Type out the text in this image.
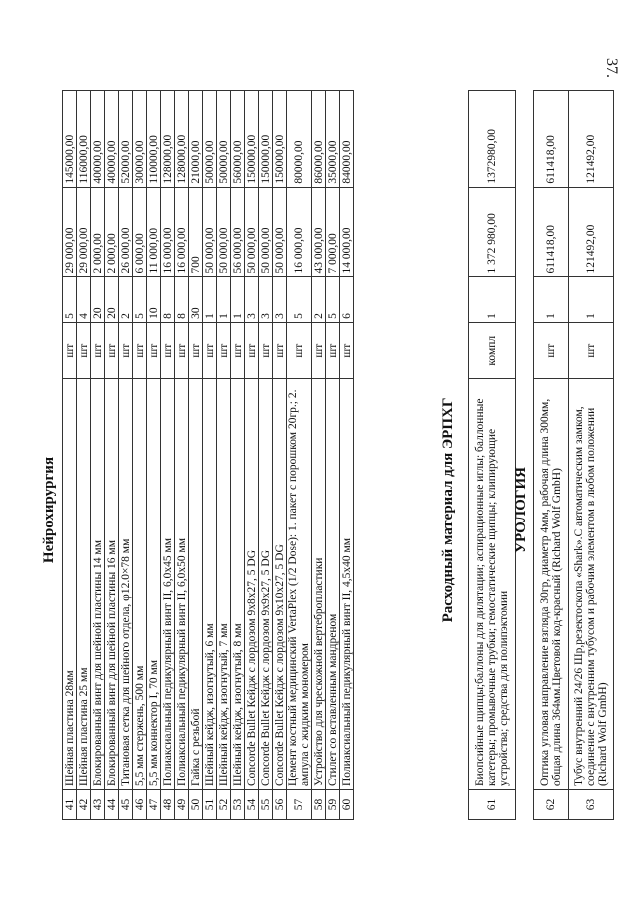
37.
Нейрохирургия
41	Шейная пластина 28мм	шт	5	29 000,00	145000,00
42	Шейная пластина 25 мм	шт	4	29 000,00	116000,00
43	Блокированный винт для шейной пластины 14 мм	шт	20	2 000,00	40000,00
44	Блокированный винт для шейной пластины 16 мм	шт	20	2 000,00	40000,00
45	Титановая сетка для шейного отдела, φ12.0×78 мм	шт	2	26 000,00	52000,00
46	5,5 мм стержень, 500 мм	шт	5	6 000,00	30000,00
47	5,5 мм коннектор I, 70 мм	шт	10	11 000,00	110000,00
48	Полиаксиальный педикулярный винт II, 6,0x45 мм	шт	8	16 000,00	128000,00
49	Полиаксиальный педикулярный винт II, 6,0x50 мм	шт	8	16 000,00	128000,00
50	Гайка с резьбой	шт	30	700	21000,00
51	Шейный кейдж, изогнутый, 6 мм	шт	1	50 000,00	50000,00
52	Шейный кейдж, изогнутый, 7 мм	шт	1	50 000,00	50000,00
53	Шейный кейдж, изогнутый, 8 мм	шт	1	56 000,00	56000,00
54	Concorde Bullet Кейдж с лордозом 9x8x27, 5 DG	шт	3	50 000,00	150000,00
55	Concorde Bullet Кейдж с лордозом 9x9x27, 5 DG	шт	3	50 000,00	150000,00
56	Concorde Bullet Кейдж с лордозом 9x10x27, 5 DG	шт	3	50 000,00	150000,00
57	Цемент костный медицинский VertaPlex (1/2 Dose): 1. пакет с порошком 20гр.; 2. ампула с жидким мономером	шт	5	16 000,00	80000,00
58	Устройство для чрескожной вертебропластики	шт	2	43 000,00	86000,00
59	Стилет со вставленным мандреном	шт	5	7 000,00	35000,00
60	Полиаксиальный педикулярный винт II, 4,5x40 мм	шт	6	14 000,00	84000,00
Расходный материал для ЭРПХГ
61	Биопсийные щипцы;баллоны для дилятации; аспирационные иглы; баллонные катетеры; промывочные трубки; гемостатические щипцы; клипирующие устройства; средства для полипэктомии	компл	1	1 372 980,00	1372980,00
УРОЛОГИЯ
62	Оптика угловая направление взгляда 30гр, диаметр 4мм, рабочая длина 300мм, общая длина 364мм.Цветовой код-красный (Richard Wolf GmbH)	шт	1	611418,00	611418,00
63	Тубус внутренний 24/26 Шр,резектоскопа «Shark».С автоматическим замком, соединение с внутренним тубусом и рабочим элементом в любом положении (Richard Wolf GmbH)	шт	1	121492,00	121492,00
